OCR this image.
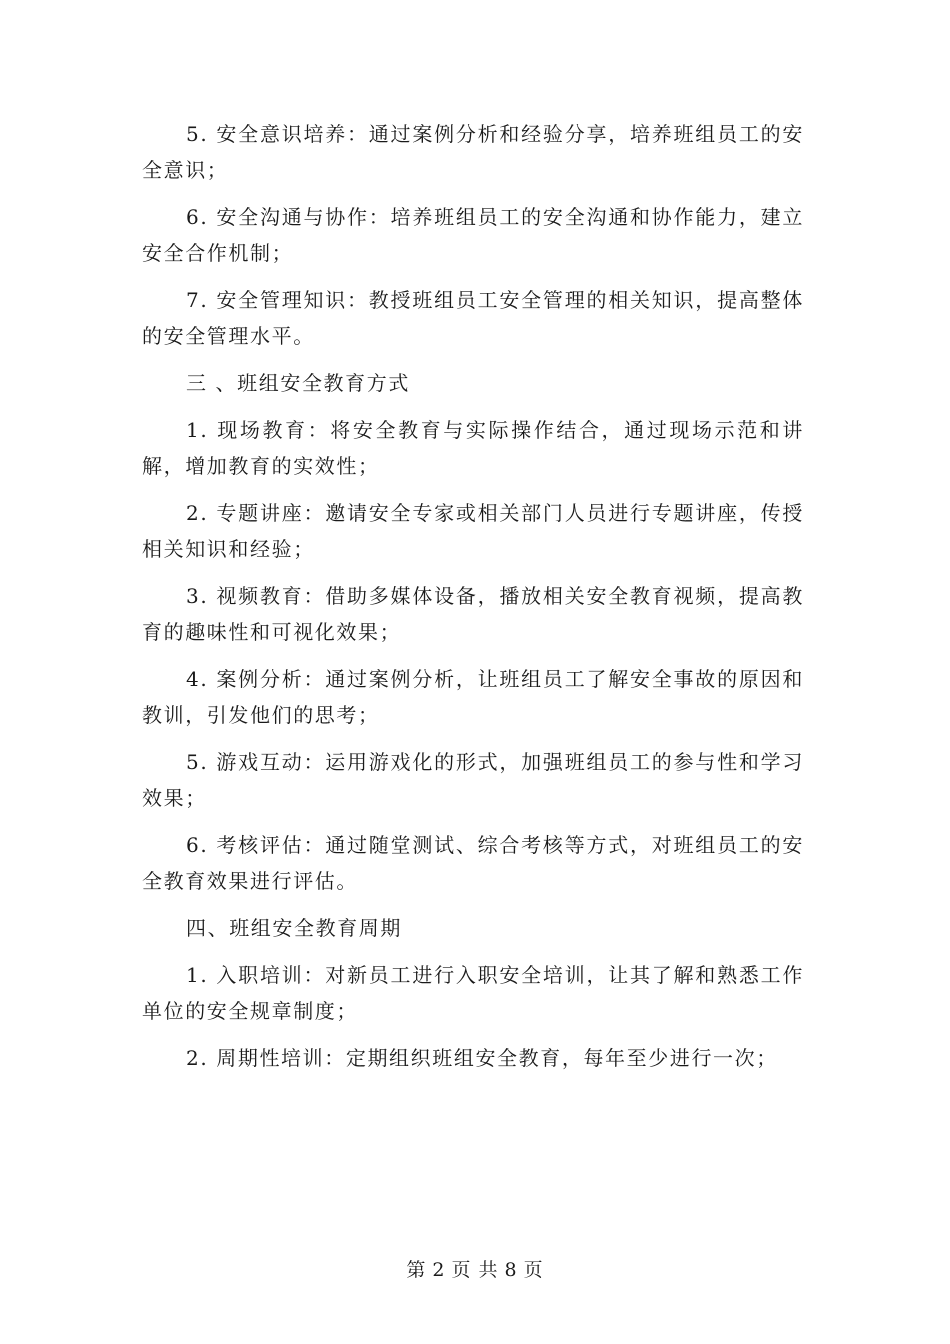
5. 安全意识培养：通过案例分析和经验分享，培养班组员工的安全意识；

6. 安全沟通与协作：培养班组员工的安全沟通和协作能力，建立安全合作机制；

7. 安全管理知识：教授班组员工安全管理的相关知识，提高整体的安全管理水平。

三 、班组安全教育方式

1. 现场教育：将安全教育与实际操作结合，通过现场示范和讲解，增加教育的实效性；

2. 专题讲座：邀请安全专家或相关部门人员进行专题讲座，传授相关知识和经验；

3. 视频教育：借助多媒体设备，播放相关安全教育视频，提高教育的趣味性和可视化效果；

4. 案例分析：通过案例分析，让班组员工了解安全事故的原因和教训，引发他们的思考；

5. 游戏互动：运用游戏化的形式，加强班组员工的参与性和学习效果；

6. 考核评估：通过随堂测试、综合考核等方式，对班组员工的安全教育效果进行评估。

四、班组安全教育周期

1. 入职培训：对新员工进行入职安全培训，让其了解和熟悉工作单位的安全规章制度；

2. 周期性培训：定期组织班组安全教育，每年至少进行一次；

第 2 页 共 8 页
